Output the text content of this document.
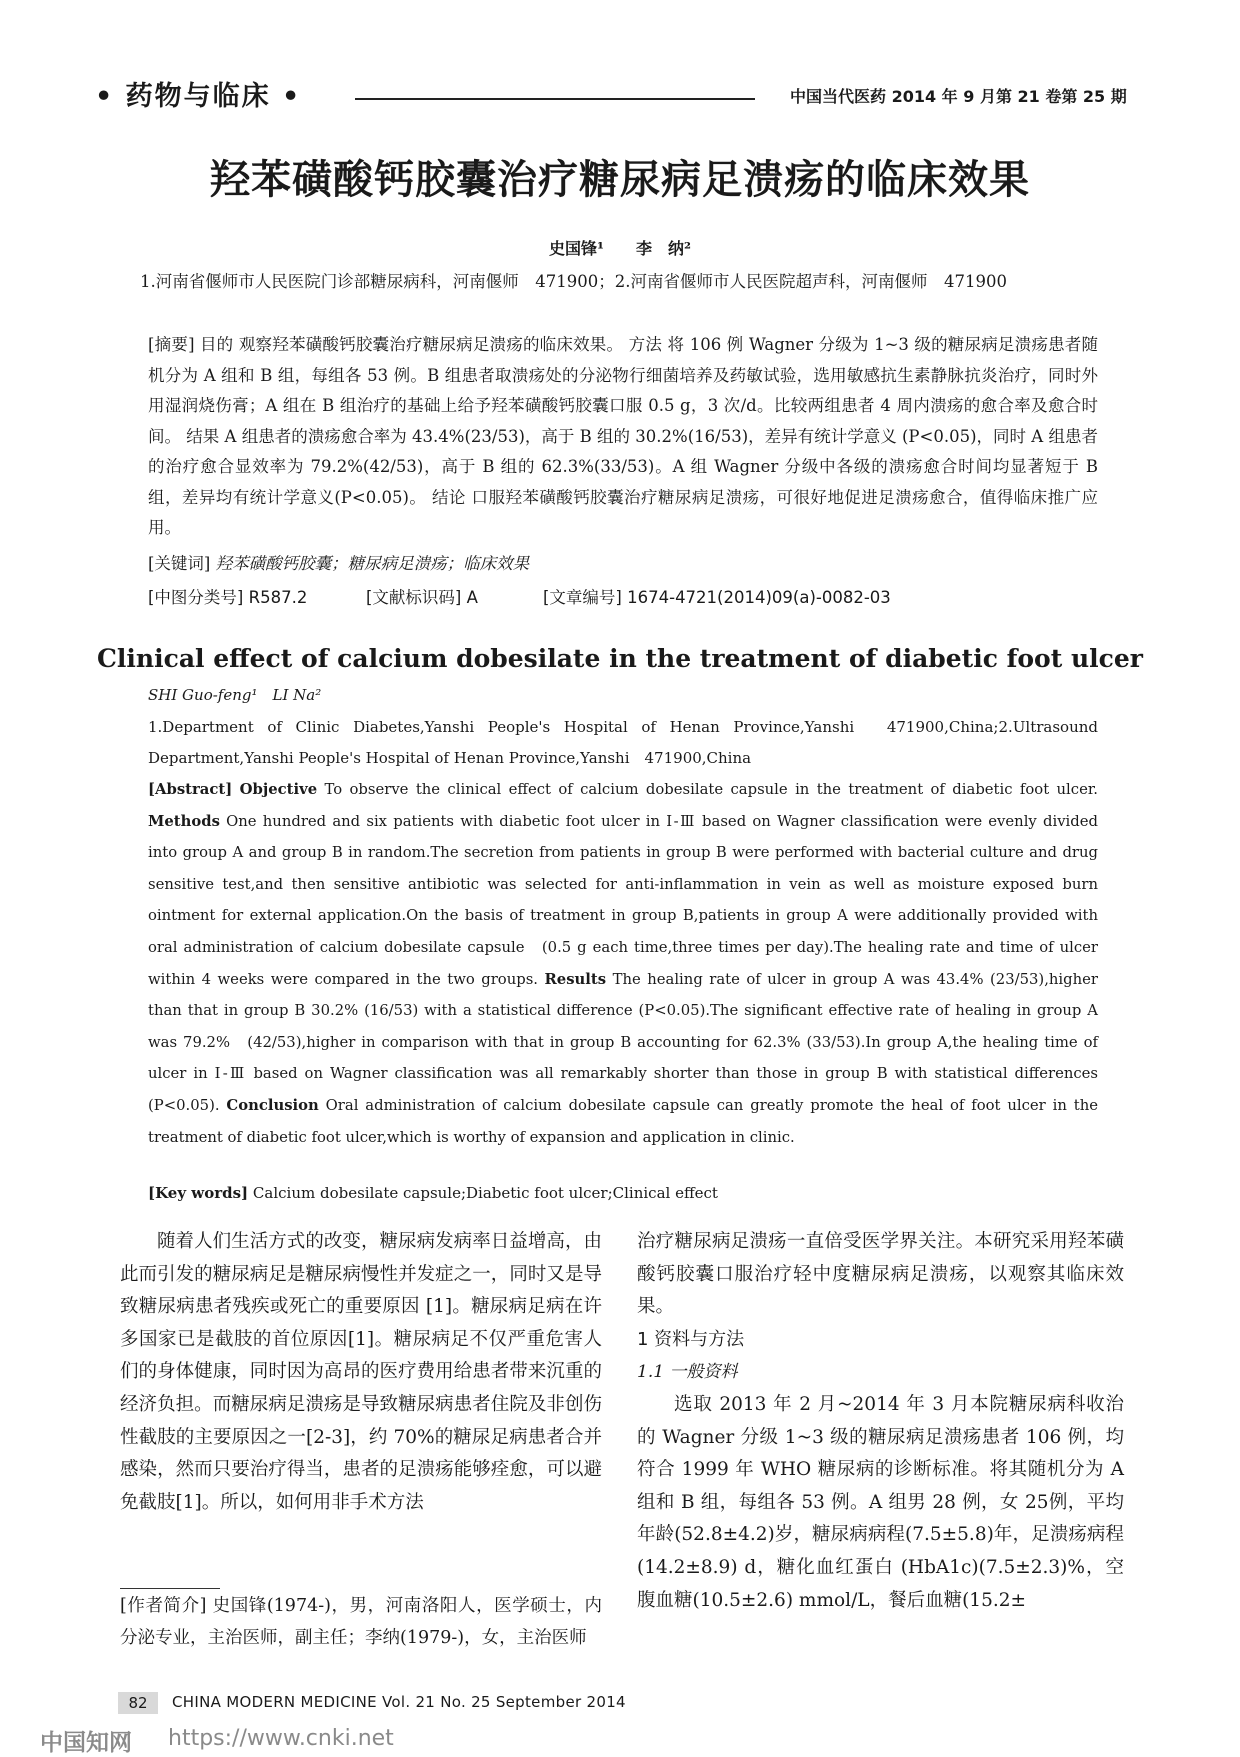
• 药物与临床 •	中国当代医药 2014 年 9 月第 21 卷第 25 期
羟苯磺酸钙胶囊治疗糖尿病足溃疡的临床效果
史国锋¹　　李　纳²
1.河南省偃师市人民医院门诊部糖尿病科，河南偃师　471900；2.河南省偃师市人民医院超声科，河南偃师　471900
[摘要] 目的 观察羟苯磺酸钙胶囊治疗糖尿病足溃疡的临床效果。 方法 将 106 例 Wagner 分级为 1~3 级的糖尿病足溃疡患者随机分为 A 组和 B 组，每组各 53 例。B 组患者取溃疡处的分泌物行细菌培养及药敏试验，选用敏感抗生素静脉抗炎治疗，同时外用湿润烧伤膏；A 组在 B 组治疗的基础上给予羟苯磺酸钙胶囊口服 0.5 g，3 次/d。比较两组患者 4 周内溃疡的愈合率及愈合时间。 结果 A 组患者的溃疡愈合率为 43.4%(23/53)，高于 B 组的 30.2%(16/53)，差异有统计学意义 (P<0.05)，同时 A 组患者的治疗愈合显效率为 79.2%(42/53)，高于 B 组的 62.3%(33/53)。A 组 Wagner 分级中各级的溃疡愈合时间均显著短于 B 组，差异均有统计学意义(P<0.05)。 结论 口服羟苯磺酸钙胶囊治疗糖尿病足溃疡，可很好地促进足溃疡愈合，值得临床推广应用。
[关键词] 羟苯磺酸钙胶囊；糖尿病足溃疡；临床效果
[中图分类号] R587.2	[文献标识码] A	[文章编号] 1674-4721(2014)09(a)-0082-03
Clinical effect of calcium dobesilate in the treatment of diabetic foot ulcer
SHI Guo-feng¹　LI Na²
1.Department of Clinic Diabetes,Yanshi People's Hospital of Henan Province,Yanshi　471900,China;2.Ultrasound Department,Yanshi People's Hospital of Henan Province,Yanshi　471900,China
[Abstract] Objective To observe the clinical effect of calcium dobesilate capsule in the treatment of diabetic foot ulcer. Methods One hundred and six patients with diabetic foot ulcer in Ⅰ-Ⅲ based on Wagner classification were evenly divided into group A and group B in random.The secretion from patients in group B were performed with bacterial culture and drug sensitive test,and then sensitive antibiotic was selected for anti-inflammation in vein as well as moisture exposed burn ointment for external application.On the basis of treatment in group B,patients in group A were additionally provided with oral administration of calcium dobesilate capsule　(0.5 g each time,three times per day).The healing rate and time of ulcer within 4 weeks were compared in the two groups. Results The healing rate of ulcer in group A was 43.4% (23/53),higher than that in group B 30.2% (16/53) with a statistical difference (P<0.05).The significant effective rate of healing in group A was 79.2%　(42/53),higher in comparison with that in group B accounting for 62.3% (33/53).In group A,the healing time of ulcer in Ⅰ-Ⅲ based on Wagner classification was all remarkably shorter than those in group B with statistical differences　(P<0.05). Conclusion Oral administration of calcium dobesilate capsule can greatly promote the heal of foot ulcer in the treatment of diabetic foot ulcer,which is worthy of expansion and application in clinic.
[Key words] Calcium dobesilate capsule;Diabetic foot ulcer;Clinical effect

随着人们生活方式的改变，糖尿病发病率日益增高，由此而引发的糖尿病足是糖尿病慢性并发症之一，同时又是导致糖尿病患者残疾或死亡的重要原因 [1]。糖尿病足病在许多国家已是截肢的首位原因[1]。糖尿病足不仅严重危害人们的身体健康，同时因为高昂的医疗费用给患者带来沉重的经济负担。而糖尿病足溃疡是导致糖尿病患者住院及非创伤性截肢的主要原因之一[2-3]，约 70%的糖尿足病患者合并感染，然而只要治疗得当，患者的足溃疡能够痊愈，可以避免截肢[1]。所以，如何用非手术方法

治疗糖尿病足溃疡一直倍受医学界关注。本研究采用羟苯磺酸钙胶囊口服治疗轻中度糖尿病足溃疡，以观察其临床效果。

1 资料与方法

1.1 一般资料

选取 2013 年 2 月~2014 年 3 月本院糖尿病科收治的 Wagner 分级 1~3 级的糖尿病足溃疡患者 106 例，均符合 1999 年 WHO 糖尿病的诊断标准。将其随机分为 A 组和 B 组，每组各 53 例。A 组男 28 例，女 25例，平均年龄(52.8±4.2)岁，糖尿病病程(7.5±5.8)年，足溃疡病程 (14.2±8.9) d，糖化血红蛋白 (HbA1c)(7.5±2.3)%，空腹血糖(10.5±2.6) mmol/L，餐后血糖(15.2±

[作者简介] 史国锋(1974-)，男，河南洛阳人，医学硕士，内分泌专业，主治医师，副主任；李纳(1979-)，女，主治医师
82	CHINA MODERN MEDICINE Vol. 21 No. 25 September 2014
中国知网 https://www.cnki.net
